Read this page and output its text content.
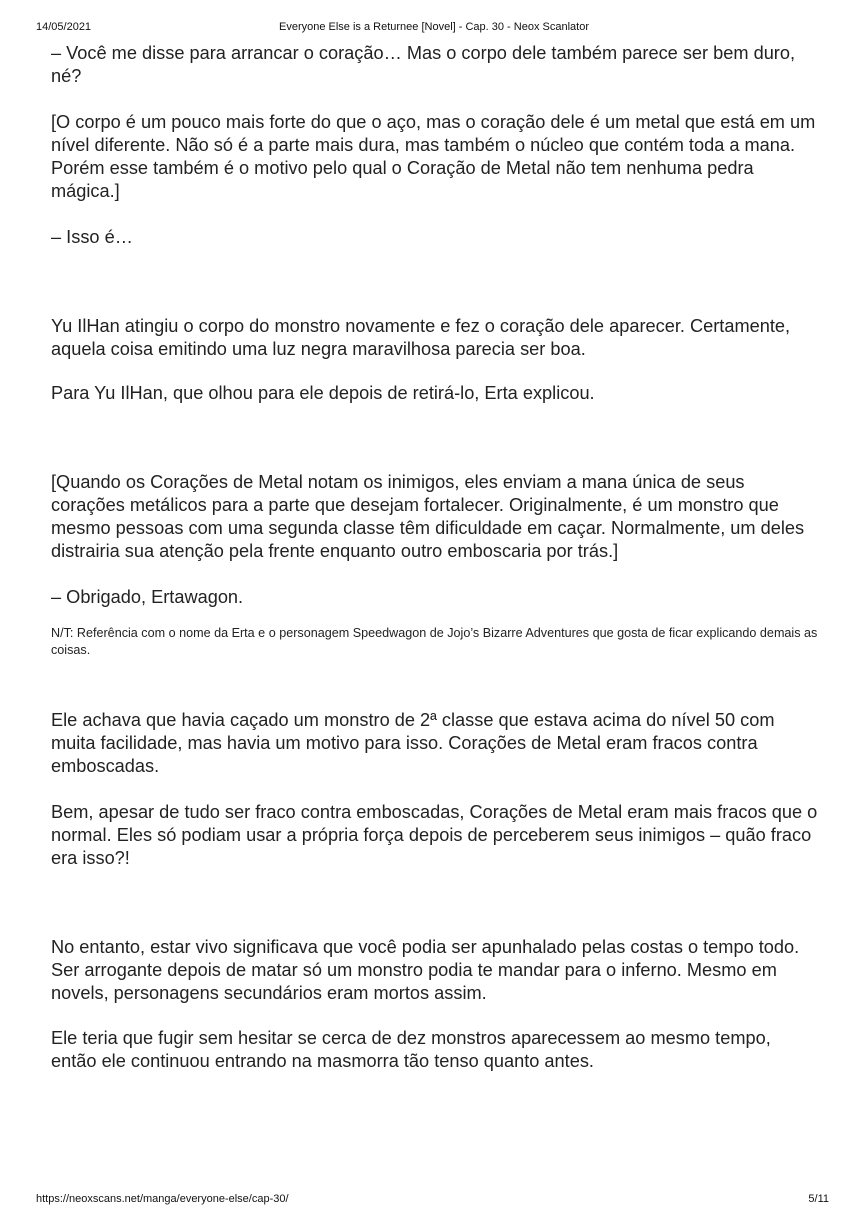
14/05/2021	Everyone Else is a Returnee [Novel] - Cap. 30 - Neox Scanlator

– Você me disse para arrancar o coração… Mas o corpo dele também parece ser bem duro, né?

[O corpo é um pouco mais forte do que o aço, mas o coração dele é um metal que está em um nível diferente. Não só é a parte mais dura, mas também o núcleo que contém toda a mana. Porém esse também é o motivo pelo qual o Coração de Metal não tem nenhuma pedra mágica.]

– Isso é…

Yu IlHan atingiu o corpo do monstro novamente e fez o coração dele aparecer. Certamente, aquela coisa emitindo uma luz negra maravilhosa parecia ser boa.

Para Yu IlHan, que olhou para ele depois de retirá-lo, Erta explicou.

[Quando os Corações de Metal notam os inimigos, eles enviam a mana única de seus corações metálicos para a parte que desejam fortalecer. Originalmente, é um monstro que mesmo pessoas com uma segunda classe têm dificuldade em caçar. Normalmente, um deles distrairia sua atenção pela frente enquanto outro emboscaria por trás.]

– Obrigado, Ertawagon.

N/T: Referência com o nome da Erta e o personagem Speedwagon de Jojo’s Bizarre Adventures que gosta de ficar explicando demais as coisas.

Ele achava que havia caçado um monstro de 2ª classe que estava acima do nível 50 com muita facilidade, mas havia um motivo para isso. Corações de Metal eram fracos contra emboscadas.

Bem, apesar de tudo ser fraco contra emboscadas, Corações de Metal eram mais fracos que o normal. Eles só podiam usar a própria força depois de perceberem seus inimigos – quão fraco era isso?!

No entanto, estar vivo significava que você podia ser apunhalado pelas costas o tempo todo. Ser arrogante depois de matar só um monstro podia te mandar para o inferno. Mesmo em novels, personagens secundários eram mortos assim.

Ele teria que fugir sem hesitar se cerca de dez monstros aparecessem ao mesmo tempo, então ele continuou entrando na masmorra tão tenso quanto antes.

https://neoxscans.net/manga/everyone-else/cap-30/	5/11
